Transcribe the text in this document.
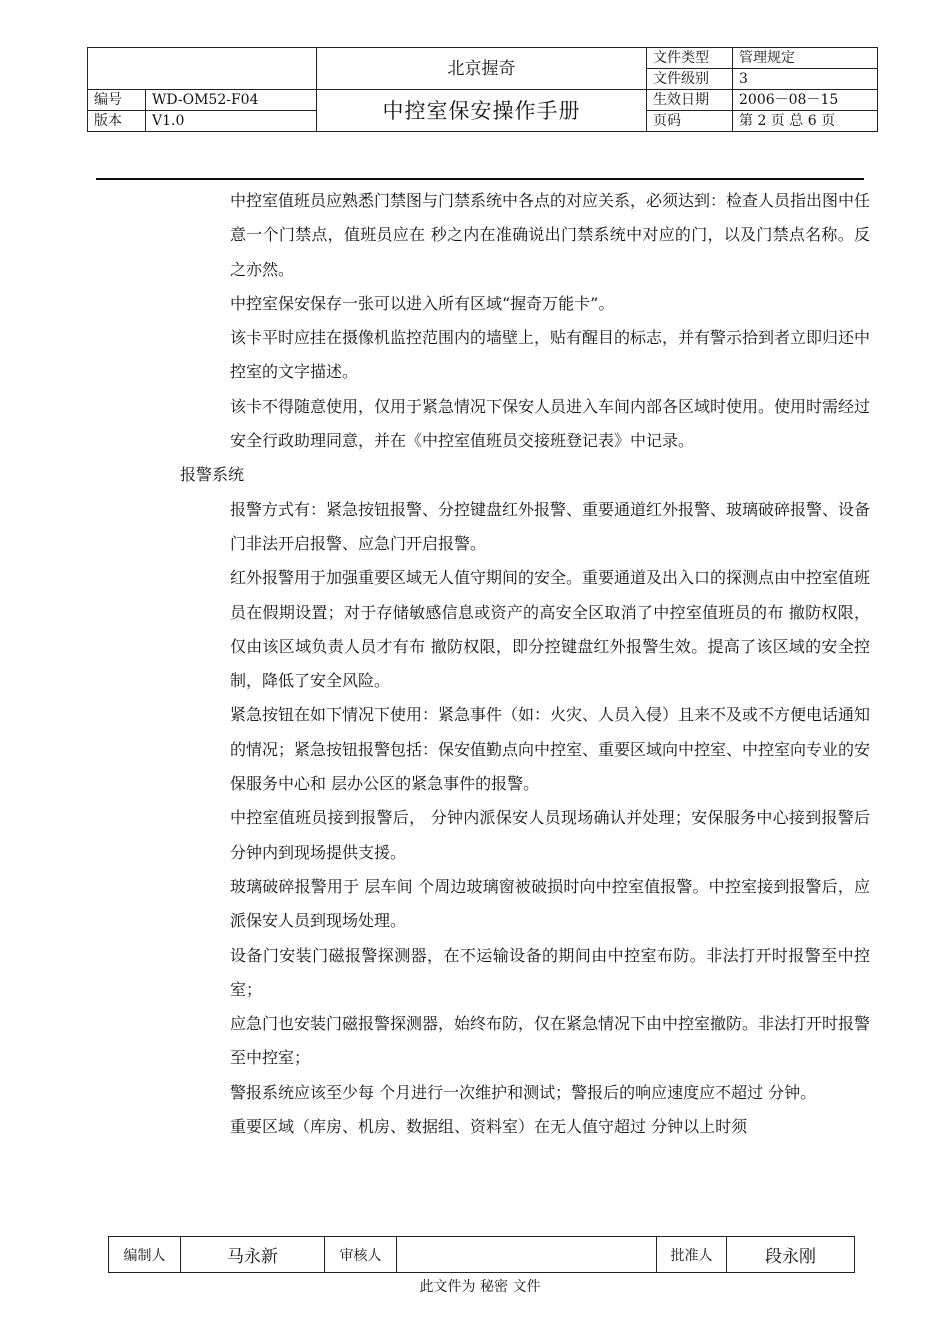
		北京握奇	文件类型	管理规定
			文件级别	3
编号	WD-OM52-F04	中控室保安操作手册	生效日期	2006－08－15
版本	V1.0		页码	第 2 页 总 6 页

中控室值班员应熟悉门禁图与门禁系统中各点的对应关系，必须达到：检查人员指出图中任意一个门禁点，值班员应在 秒之内在准确说出门禁系统中对应的门，以及门禁点名称。反之亦然。

中控室保安保存一张可以进入所有区域“握奇万能卡”。

该卡平时应挂在摄像机监控范围内的墙壁上，贴有醒目的标志，并有警示拾到者立即归还中控室的文字描述。

该卡不得随意使用，仅用于紧急情况下保安人员进入车间内部各区域时使用。使用时需经过安全行政助理同意，并在《中控室值班员交接班登记表》中记录。

报警系统

报警方式有：紧急按钮报警、分控键盘红外报警、重要通道红外报警、玻璃破碎报警、设备门非法开启报警、应急门开启报警。

红外报警用于加强重要区域无人值守期间的安全。重要通道及出入口的探测点由中控室值班员在假期设置；对于存储敏感信息或资产的高安全区取消了中控室值班员的布 撤防权限，仅由该区域负责人员才有布 撤防权限，即分控键盘红外报警生效。提高了该区域的安全控制，降低了安全风险。

紧急按钮在如下情况下使用：紧急事件（如：火灾、人员入侵）且来不及或不方便电话通知的情况；紧急按钮报警包括：保安值勤点向中控室、重要区域向中控室、中控室向专业的安保服务中心和 层办公区的紧急事件的报警。

中控室值班员接到报警后， 分钟内派保安人员现场确认并处理；安保服务中心接到报警后 分钟内到现场提供支援。

玻璃破碎报警用于 层车间 个周边玻璃窗被破损时向中控室值报警。中控室接到报警后，应派保安人员到现场处理。

设备门安装门磁报警探测器，在不运输设备的期间由中控室布防。非法打开时报警至中控室；

应急门也安装门磁报警探测器，始终布防，仅在紧急情况下由中控室撤防。非法打开时报警至中控室；

警报系统应该至少每 个月进行一次维护和测试；警报后的响应速度应不超过 分钟。

重要区域（库房、机房、数据组、资料室）在无人值守超过 分钟以上时须

编制人	马永新	审核人		批准人	段永刚
此文件为 秘密 文件
